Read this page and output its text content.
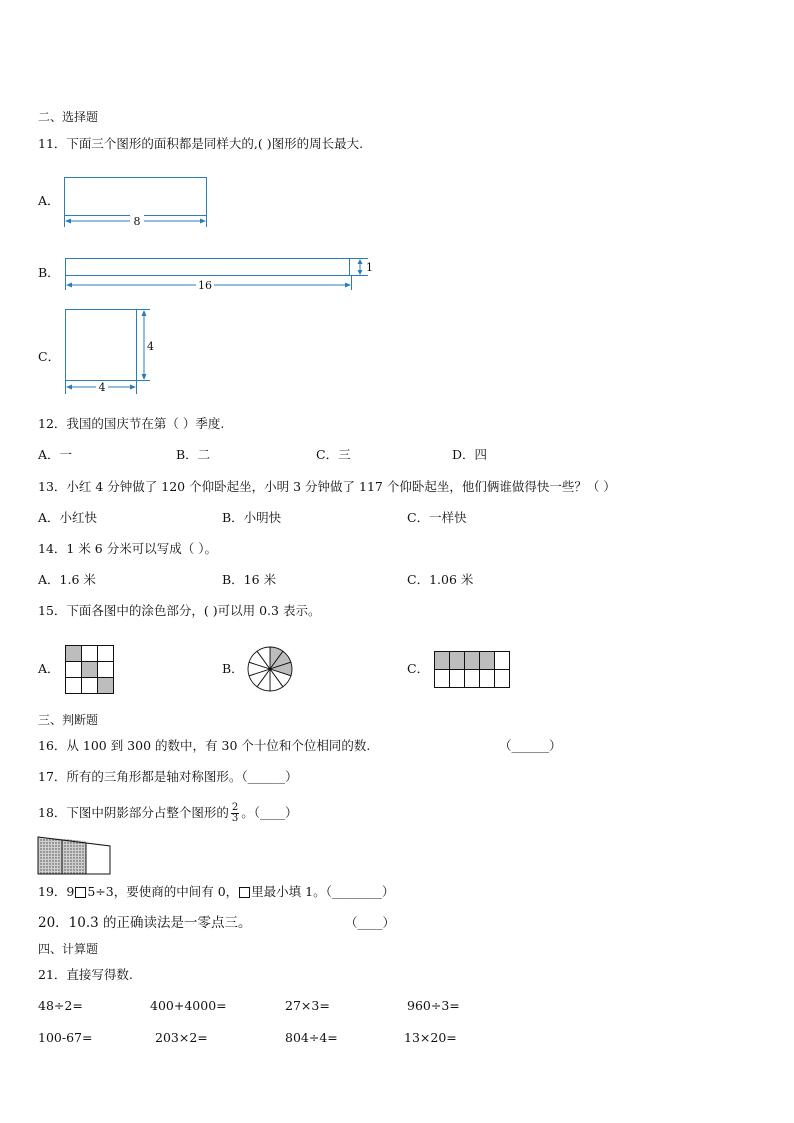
二、选择题
11．下面三个图形的面积都是同样大的,( )图形的周长最大.
A．
8
B．
16
1
C．
4
4
12．我国的国庆节在第（ ）季度.
A．一	B．二	C．三	D．四
13．小红 4 分钟做了 120 个仰卧起坐，小明 3 分钟做了 117 个仰卧起坐，他们俩谁做得快一些？（ ）
A．小红快	B．小明快	C．一样快
14．1 米 6 分米可以写成（ ）。
A．1.6 米	B．16 米	C．1.06 米
15．下面各图中的涂色部分，( )可以用 0.3 表示。
A．	B．	C．
三、判断题
16．从 100 到 300 的数中，有 30 个十位和个位相同的数.	（______）
17．所有的三角形都是轴对称图形。（______）
18．下图中阴影部分占整个图形的 $\frac{2}{3}$ 。（____）
19．9 5÷3，要使商的中间有 0， 里最小填 1。（________）
20．10.3 的正确读法是一零点三。	（____）
四、计算题
21．直接写得数.
48÷2=	400+4000=	27×3=	960÷3=
100-67=	203×2=	804÷4=	13×20=
